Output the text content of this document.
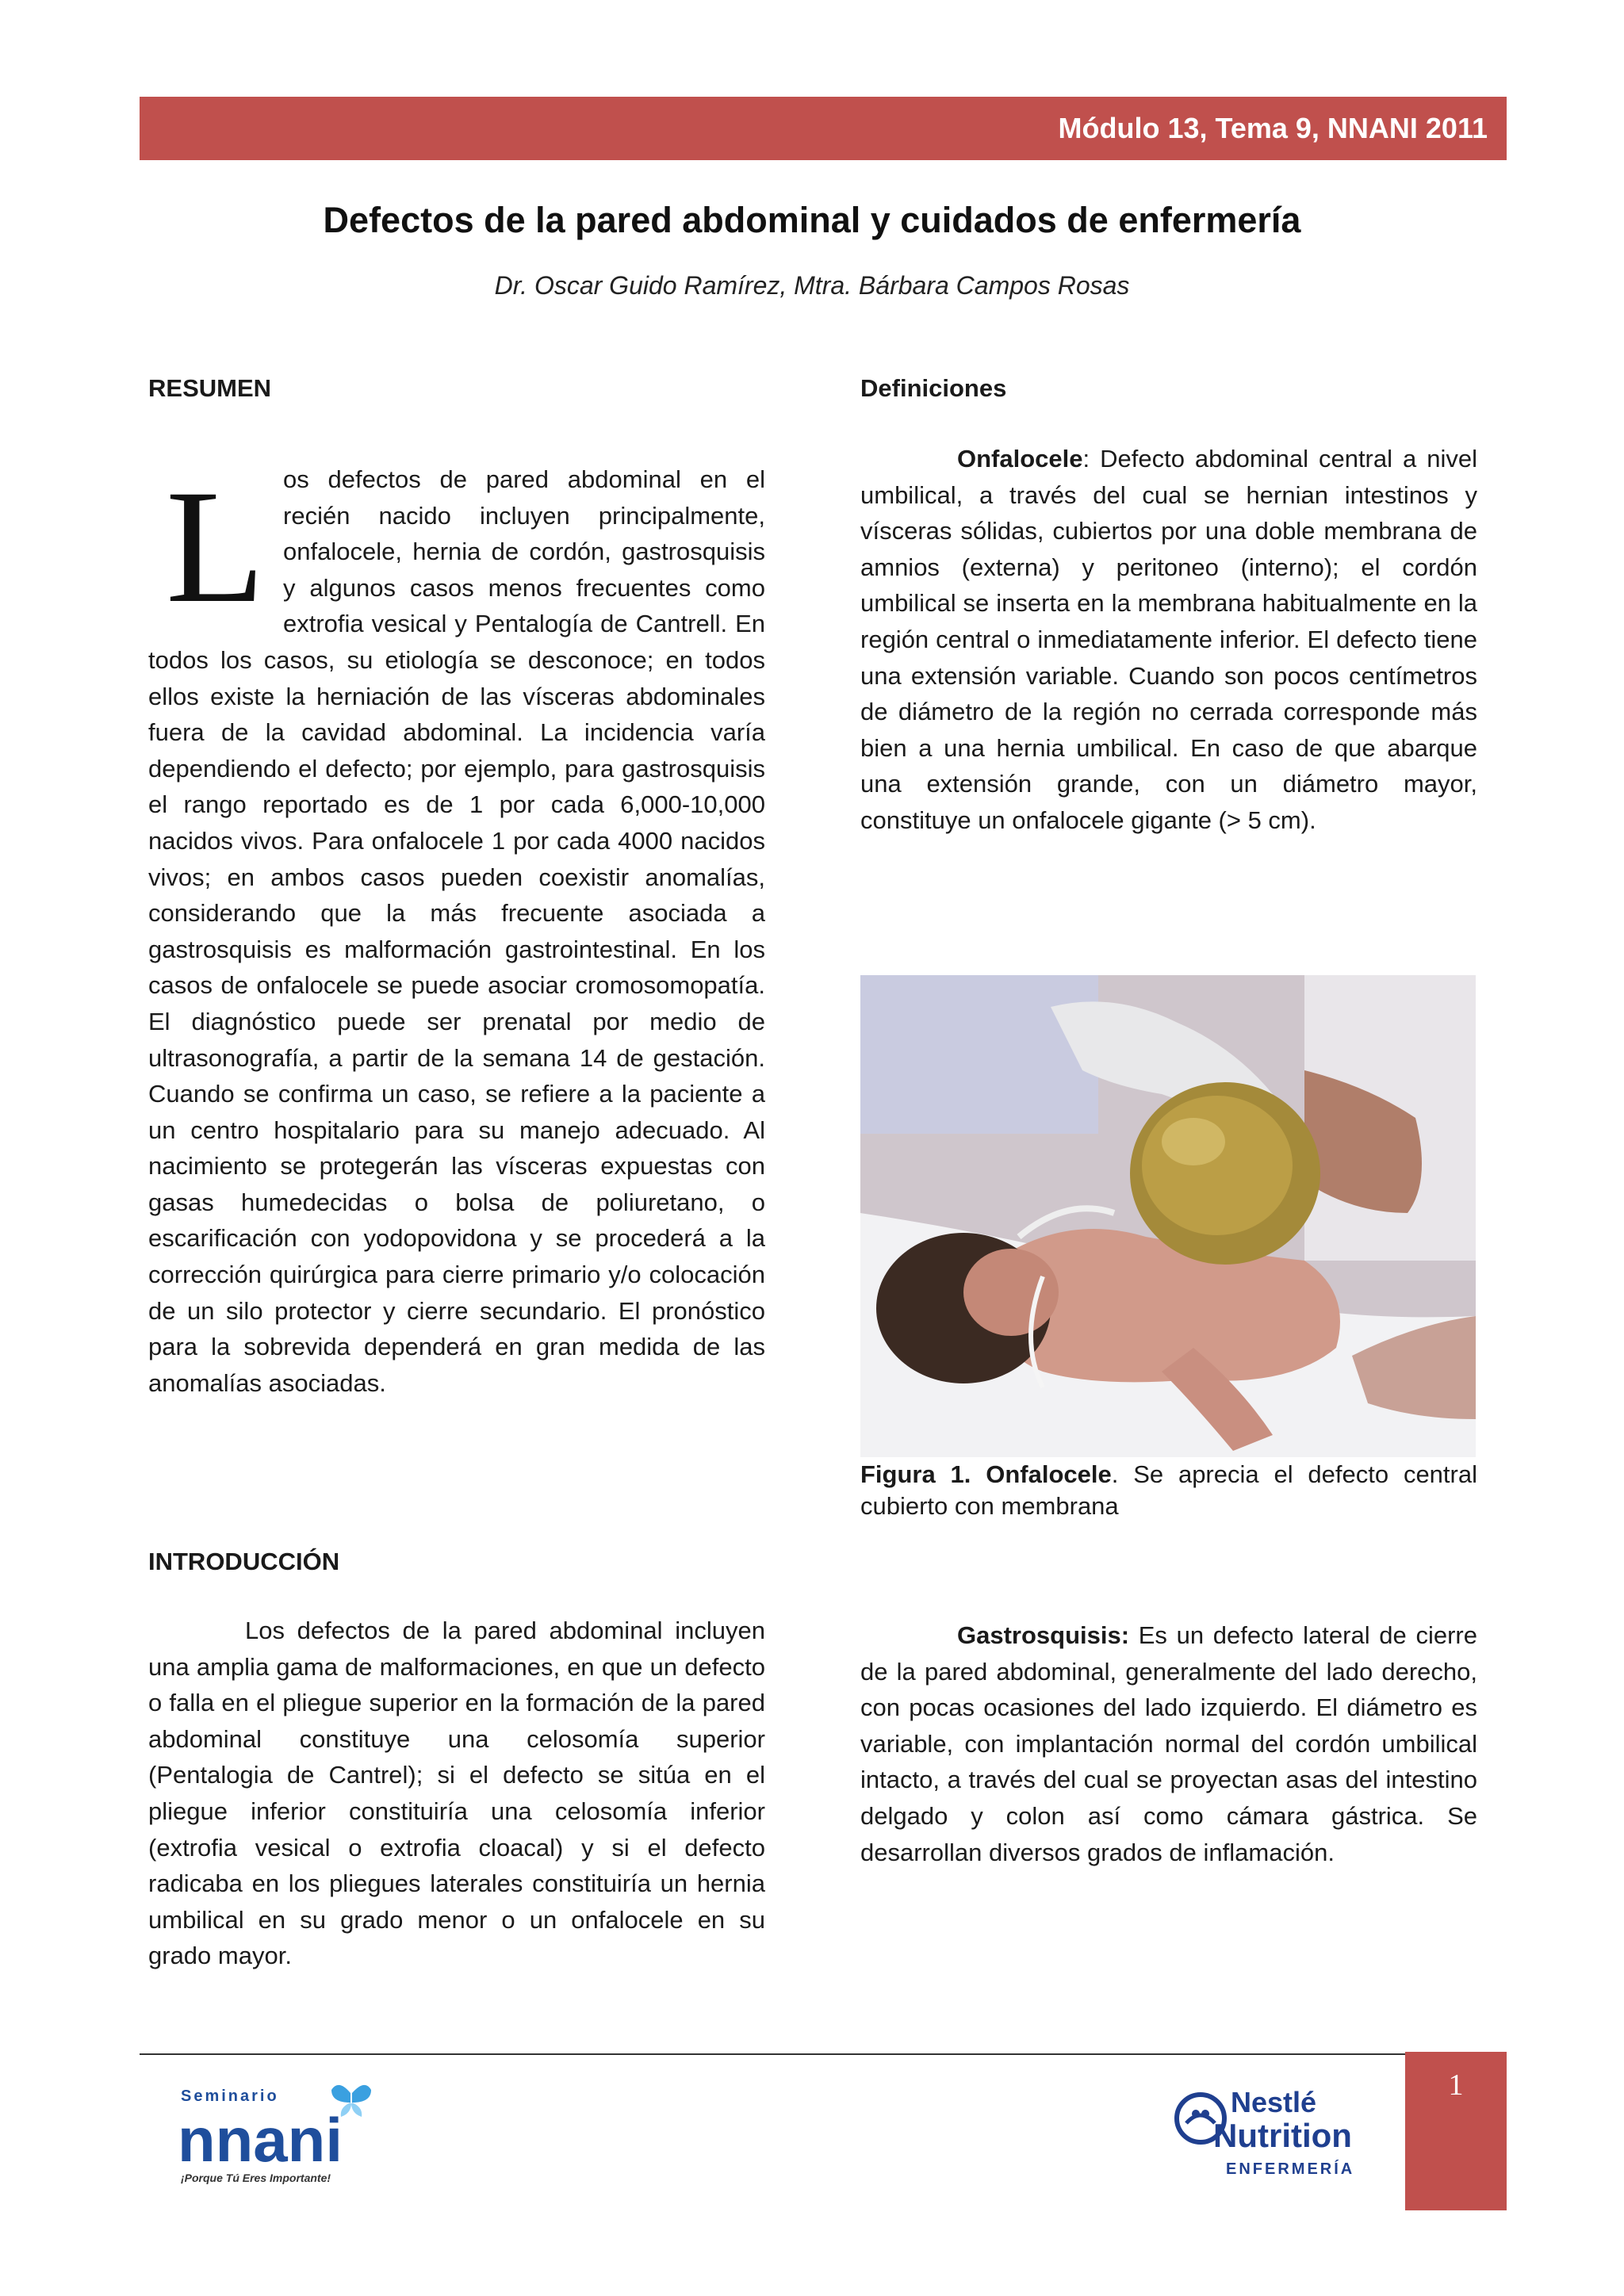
Módulo 13, Tema 9, NNANI 2011
Defectos de la pared abdominal y cuidados de enfermería
Dr. Oscar Guido Ramírez, Mtra. Bárbara Campos Rosas
RESUMEN
L os defectos de pared abdominal en el recién nacido incluyen principalmente, onfalocele, hernia de cordón, gastrosquisis y algunos casos menos frecuentes como extrofia vesical y Pentalogía de Cantrell. En todos los casos, su etiología se desconoce; en todos ellos existe la herniación de las vísceras abdominales fuera de la cavidad abdominal. La incidencia varía dependiendo el defecto; por ejemplo, para gastrosquisis el rango reportado es de 1 por cada 6,000-10,000 nacidos vivos. Para onfalocele 1 por cada 4000 nacidos vivos; en ambos casos pueden coexistir anomalías, considerando que la más frecuente asociada a gastrosquisis es malformación gastrointestinal. En los casos de onfalocele se puede asociar cromosomopatía. El diagnóstico puede ser prenatal por medio de ultrasonografía, a partir de la semana 14 de gestación. Cuando se confirma un caso, se refiere a la paciente a un centro hospitalario para su manejo adecuado. Al nacimiento se protegerán las vísceras expuestas con gasas humedecidas o bolsa de poliuretano, o escarificación con yodopovidona y se procederá a la corrección quirúrgica para cierre primario y/o colocación de un silo protector y cierre secundario. El pronóstico para la sobrevida dependerá en gran medida de las anomalías asociadas.
INTRODUCCIÓN
Los defectos de la pared abdominal incluyen una amplia gama de malformaciones, en que un defecto o falla en el pliegue superior en la formación de la pared abdominal constituye una celosomía superior (Pentalogia de Cantrel); si el defecto se sitúa en el pliegue inferior constituiría una celosomía inferior (extrofia vesical o extrofia cloacal) y si el defecto radicaba en los pliegues laterales constituiría un hernia umbilical en su grado menor o un onfalocele en su grado mayor.
Definiciones
Onfalocele: Defecto abdominal central a nivel umbilical, a través del cual se hernian intestinos y vísceras sólidas, cubiertos por una doble membrana de amnios (externa) y peritoneo (interno); el cordón umbilical se inserta en la membrana habitualmente en la región central o inmediatamente inferior. El defecto tiene una extensión variable. Cuando son pocos centímetros de diámetro de la región no cerrada corresponde más bien a una hernia umbilical. En caso de que abarque una extensión grande, con un diámetro mayor, constituye un onfalocele gigante (> 5 cm).
Figura 1. Onfalocele. Se aprecia el defecto central cubierto con membrana
Gastrosquisis: Es un defecto lateral de cierre de la pared abdominal, generalmente del lado derecho, con pocas ocasiones del lado izquierdo. El diámetro es variable, con implantación normal del cordón umbilical intacto, a través del cual se proyectan asas del intestino delgado y colon así como cámara gástrica. Se desarrollan diversos grados de inflamación.
1
Seminario
nnani
¡Porque Tú Eres Importante!
Nestlé
Nutrition
ENFERMERÍA
